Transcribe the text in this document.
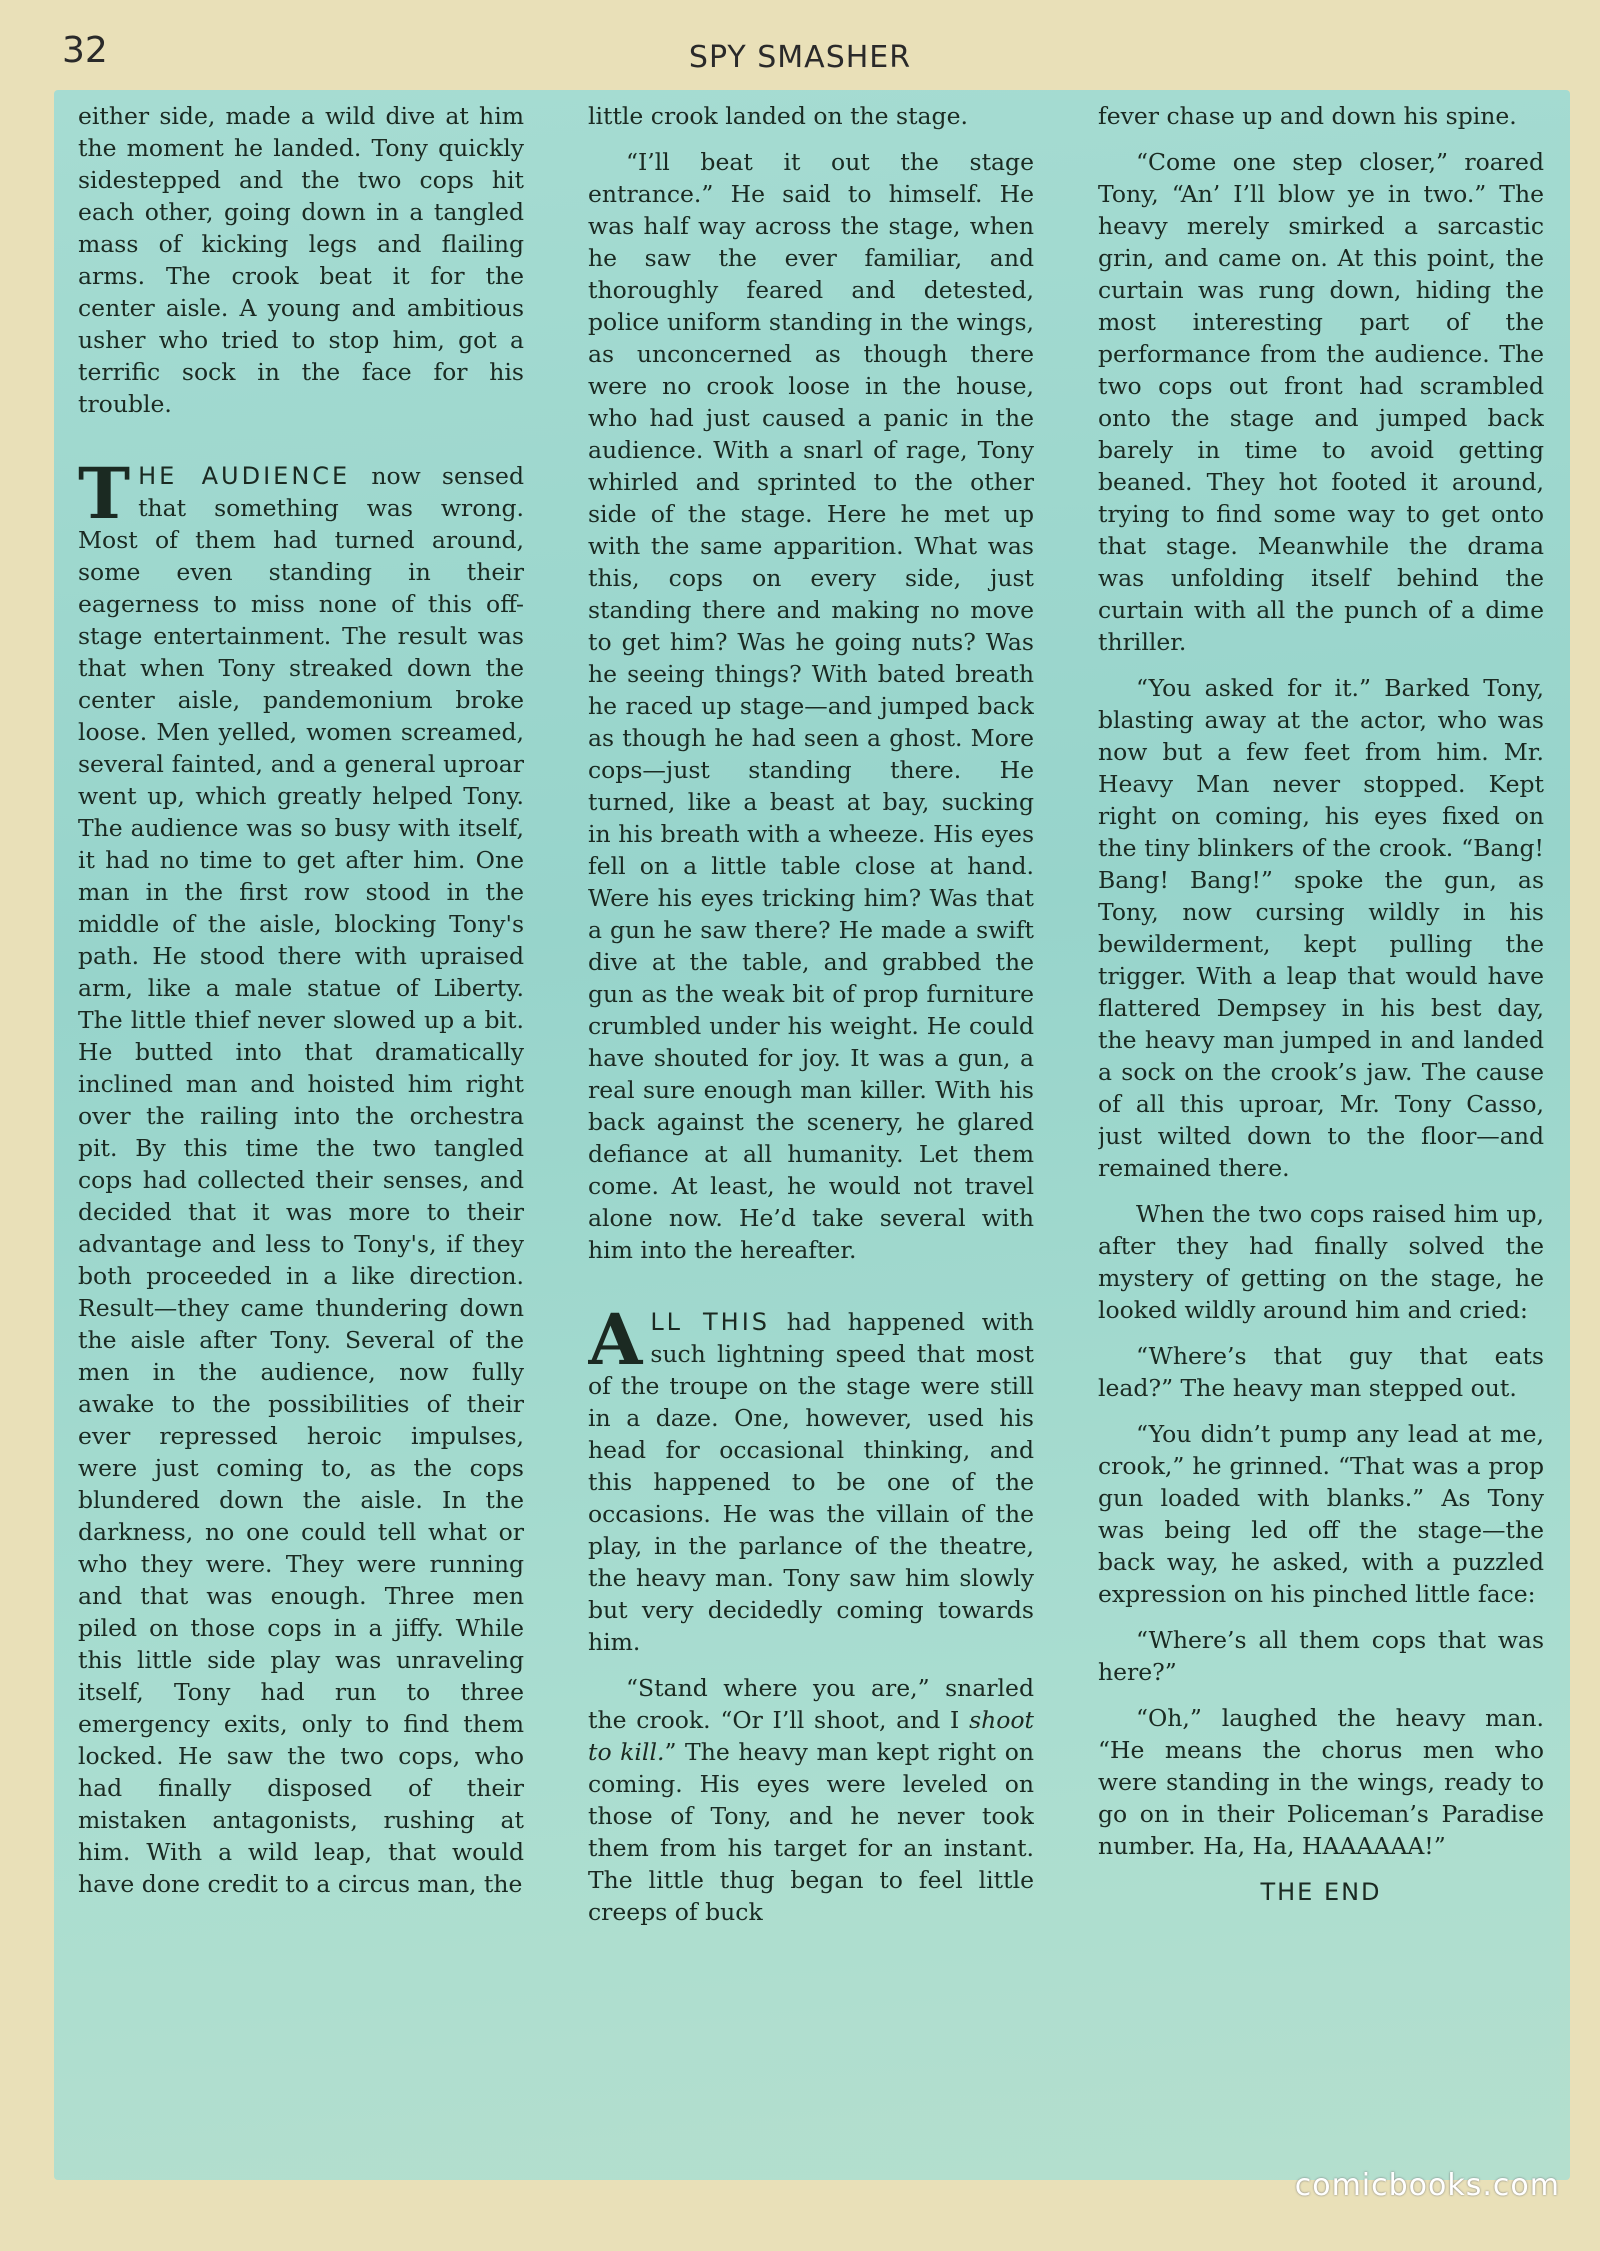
32	SPY SMASHER

either side, made a wild dive at him the moment he landed. Tony quickly sidestepped and the two cops hit each other, going down in a tangled mass of kicking legs and flailing arms. The crook beat it for the center aisle. A young and ambitious usher who tried to stop him, got a terrific sock in the face for his trouble.

THE AUDIENCE now sensed that something was wrong. Most of them had turned around, some even standing in their eagerness to miss none of this off-stage entertainment. The result was that when Tony streaked down the center aisle, pandemonium broke loose. Men yelled, women screamed, several fainted, and a general uproar went up, which greatly helped Tony. The audience was so busy with itself, it had no time to get after him. One man in the first row stood in the middle of the aisle, blocking Tony's path. He stood there with upraised arm, like a male statue of Liberty. The little thief never slowed up a bit. He butted into that dramatically inclined man and hoisted him right over the railing into the orchestra pit. By this time the two tangled cops had collected their senses, and decided that it was more to their advantage and less to Tony's, if they both proceeded in a like direction. Result—they came thundering down the aisle after Tony. Several of the men in the audience, now fully awake to the possibilities of their ever repressed heroic impulses, were just coming to, as the cops blundered down the aisle. In the darkness, no one could tell what or who they were. They were running and that was enough. Three men piled on those cops in a jiffy. While this little side play was unraveling itself, Tony had run to three emergency exits, only to find them locked. He saw the two cops, who had finally disposed of their mistaken antagonists, rushing at him. With a wild leap, that would have done credit to a circus man, the

little crook landed on the stage.

“I’ll beat it out the stage entrance.” He said to himself. He was half way across the stage, when he saw the ever familiar, and thoroughly feared and detested, police uniform standing in the wings, as unconcerned as though there were no crook loose in the house, who had just caused a panic in the audience. With a snarl of rage, Tony whirled and sprinted to the other side of the stage. Here he met up with the same apparition. What was this, cops on every side, just standing there and making no move to get him? Was he going nuts? Was he seeing things? With bated breath he raced up stage—and jumped back as though he had seen a ghost. More cops—just standing there. He turned, like a beast at bay, sucking in his breath with a wheeze. His eyes fell on a little table close at hand. Were his eyes tricking him? Was that a gun he saw there? He made a swift dive at the table, and grabbed the gun as the weak bit of prop furniture crumbled under his weight. He could have shouted for joy. It was a gun, a real sure enough man killer. With his back against the scenery, he glared defiance at all humanity. Let them come. At least, he would not travel alone now. He’d take several with him into the hereafter.

ALL THIS had happened with such lightning speed that most of the troupe on the stage were still in a daze. One, however, used his head for occasional thinking, and this happened to be one of the occasions. He was the villain of the play, in the parlance of the theatre, the heavy man. Tony saw him slowly but very decidedly coming towards him.

“Stand where you are,” snarled the crook. “Or I’ll shoot, and I shoot to kill.” The heavy man kept right on coming. His eyes were leveled on those of Tony, and he never took them from his target for an instant. The little thug began to feel little creeps of buck

fever chase up and down his spine.

“Come one step closer,” roared Tony, “An’ I’ll blow ye in two.” The heavy merely smirked a sarcastic grin, and came on. At this point, the curtain was rung down, hiding the most interesting part of the performance from the audience. The two cops out front had scrambled onto the stage and jumped back barely in time to avoid getting beaned. They hot footed it around, trying to find some way to get onto that stage. Meanwhile the drama was unfolding itself behind the curtain with all the punch of a dime thriller.

“You asked for it.” Barked Tony, blasting away at the actor, who was now but a few feet from him. Mr. Heavy Man never stopped. Kept right on coming, his eyes fixed on the tiny blinkers of the crook. “Bang! Bang! Bang!” spoke the gun, as Tony, now cursing wildly in his bewilderment, kept pulling the trigger. With a leap that would have flattered Dempsey in his best day, the heavy man jumped in and landed a sock on the crook’s jaw. The cause of all this uproar, Mr. Tony Casso, just wilted down to the floor—and remained there.

When the two cops raised him up, after they had finally solved the mystery of getting on the stage, he looked wildly around him and cried:

“Where’s that guy that eats lead?” The heavy man stepped out.

“You didn’t pump any lead at me, crook,” he grinned. “That was a prop gun loaded with blanks.” As Tony was being led off the stage—the back way, he asked, with a puzzled expression on his pinched little face:

“Where’s all them cops that was here?”

“Oh,” laughed the heavy man. “He means the chorus men who were standing in the wings, ready to go on in their Policeman’s Paradise number. Ha, Ha, HAAAAAA!”

THE END
comicbooks.com
